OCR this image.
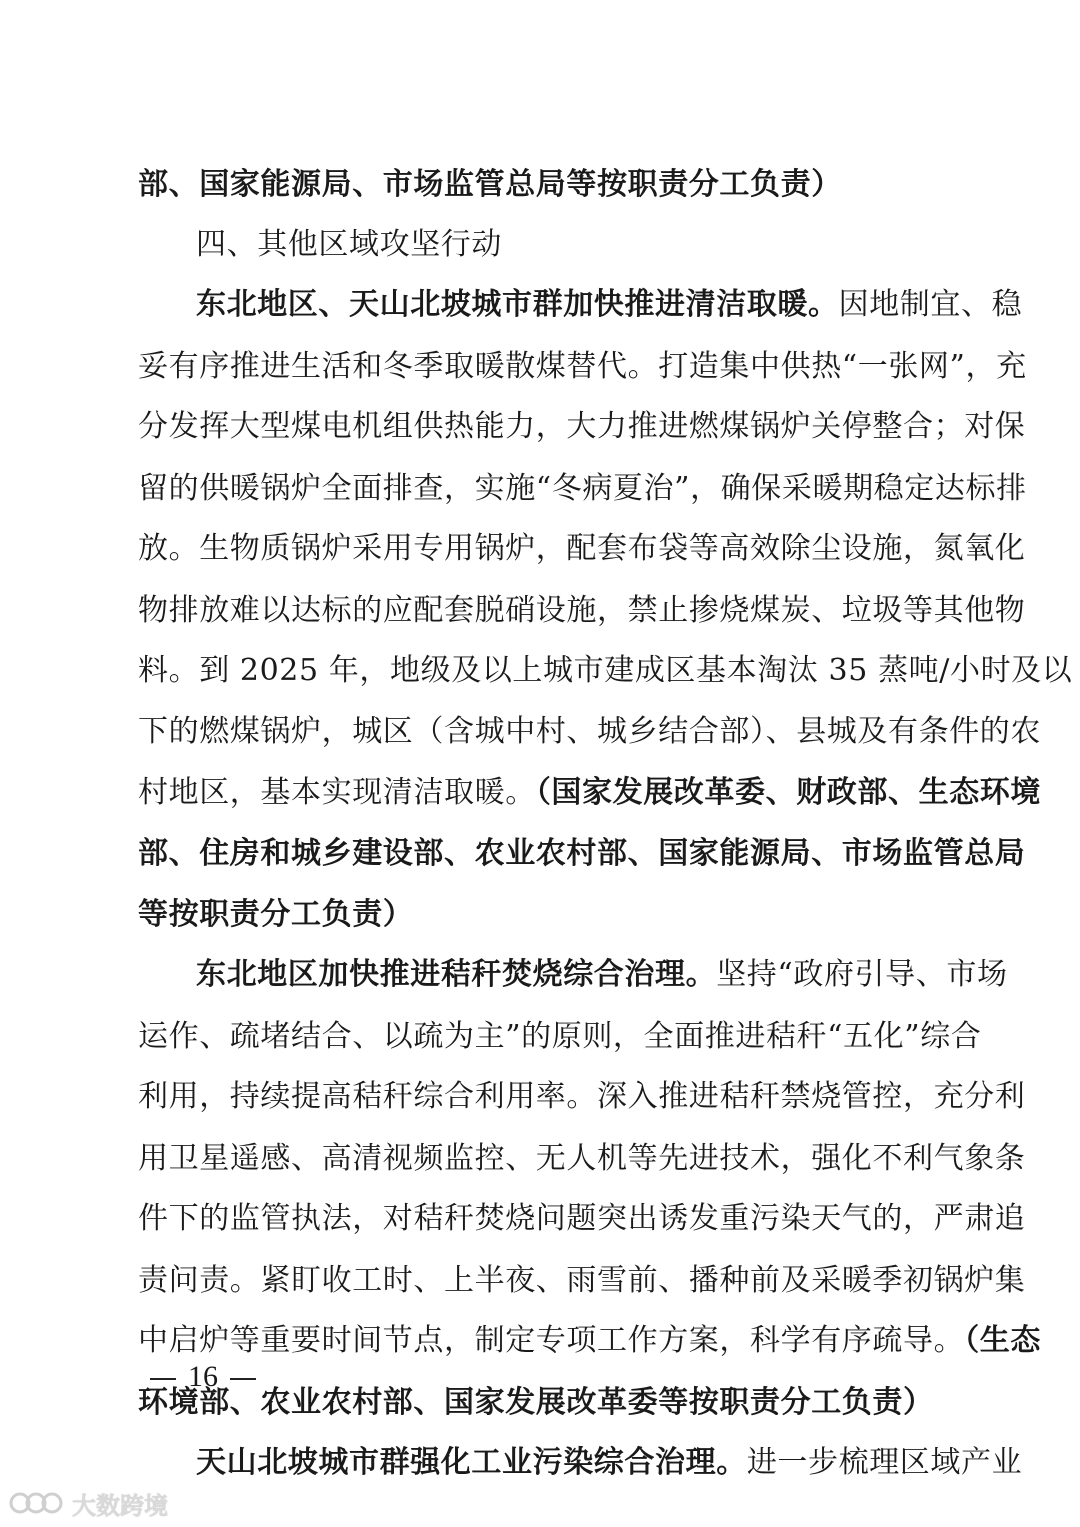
部、国家能源局、市场监管总局等按职责分工负责）
四、其他区域攻坚行动
东北地区、天山北坡城市群加快推进清洁取暖。因地制宜、稳
妥有序推进生活和冬季取暖散煤替代。打造集中供热“一张网”，充
分发挥大型煤电机组供热能力，大力推进燃煤锅炉关停整合；对保
留的供暖锅炉全面排查，实施“冬病夏治”，确保采暖期稳定达标排
放。生物质锅炉采用专用锅炉，配套布袋等高效除尘设施，氮氧化
物排放难以达标的应配套脱硝设施，禁止掺烧煤炭、垃圾等其他物
料。到 2025 年，地级及以上城市建成区基本淘汰 35 蒸吨/小时及以
下的燃煤锅炉，城区（含城中村、城乡结合部）、县城及有条件的农
村地区，基本实现清洁取暖。（国家发展改革委、财政部、生态环境
部、住房和城乡建设部、农业农村部、国家能源局、市场监管总局
等按职责分工负责）
东北地区加快推进秸秆焚烧综合治理。坚持“政府引导、市场
运作、疏堵结合、以疏为主”的原则，全面推进秸秆“五化”综合
利用，持续提高秸秆综合利用率。深入推进秸秆禁烧管控，充分利
用卫星遥感、高清视频监控、无人机等先进技术，强化不利气象条
件下的监管执法，对秸秆焚烧问题突出诱发重污染天气的，严肃追
责问责。紧盯收工时、上半夜、雨雪前、播种前及采暖季初锅炉集
中启炉等重要时间节点，制定专项工作方案，科学有序疏导。（生态
环境部、农业农村部、国家发展改革委等按职责分工负责）
天山北坡城市群强化工业污染综合治理。进一步梳理区域产业
16
大数跨境
